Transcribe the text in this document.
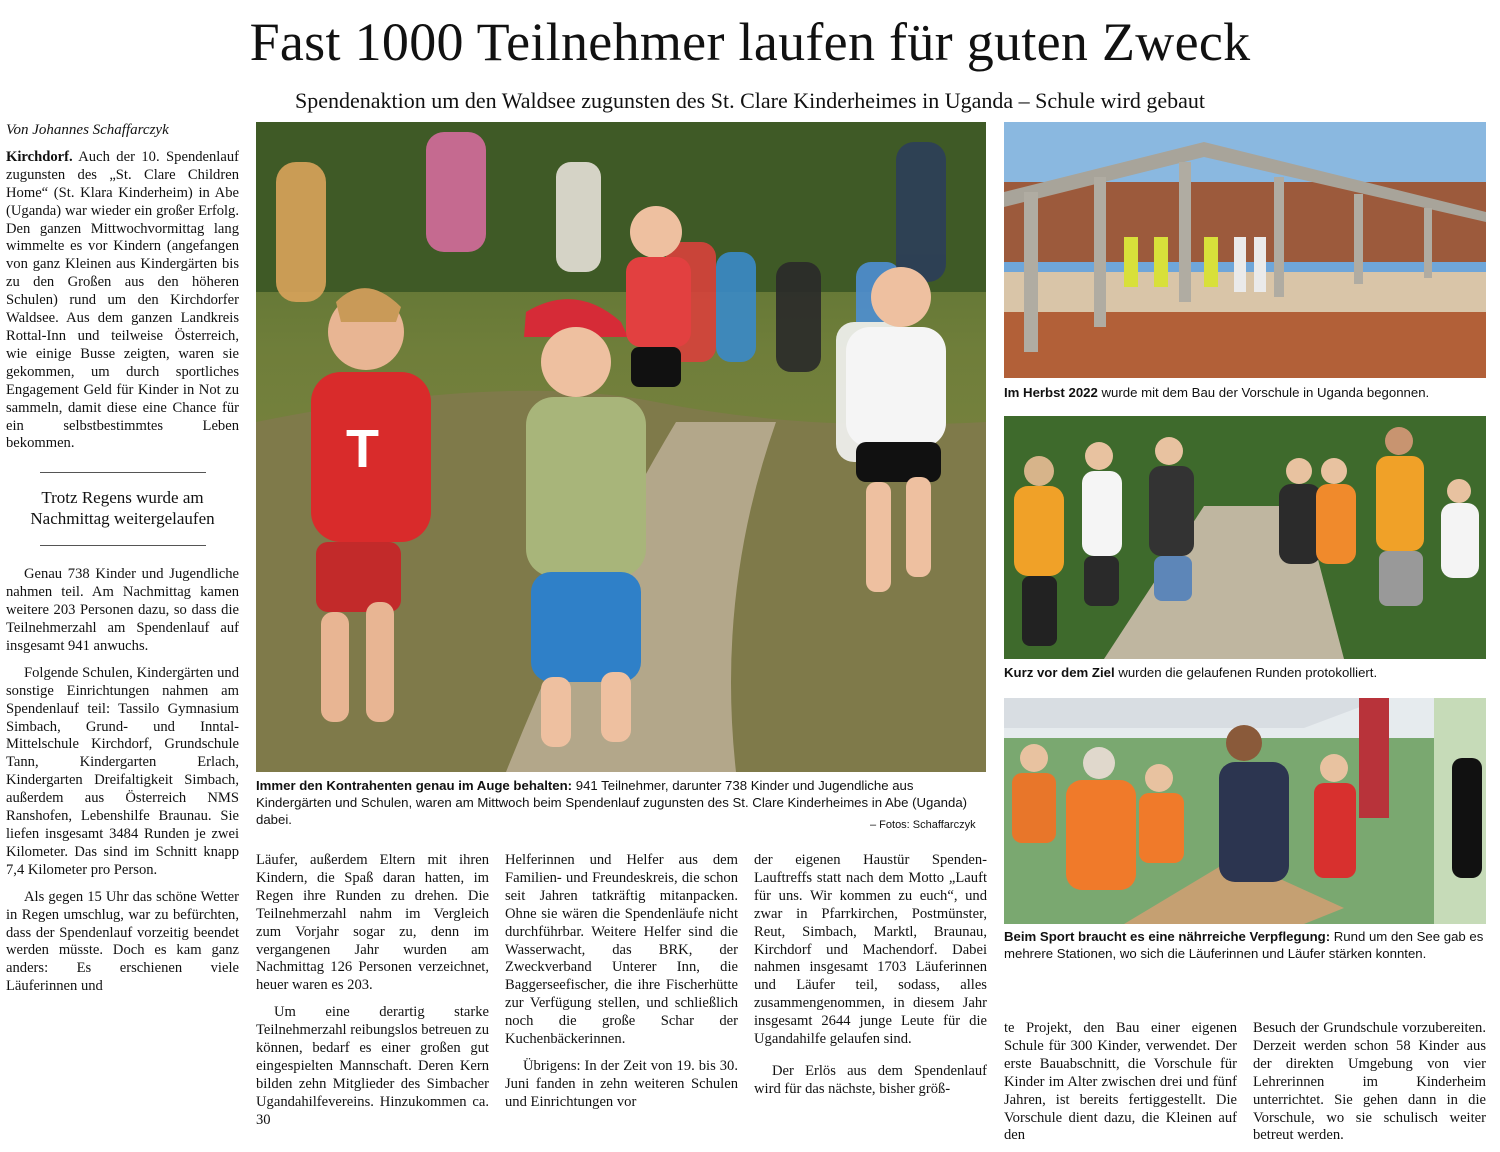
Fast 1000 Teilnehmer laufen für guten Zweck
Spendenaktion um den Waldsee zugunsten des St. Clare Kinderheimes in Uganda – Schule wird gebaut

Von Johannes Schaffarczyk

Kirchdorf. Auch der 10. Spendenlauf zugunsten des „St. Clare Children Home“ (St. Klara Kinderheim) in Abe (Uganda) war wieder ein großer Erfolg. Den ganzen Mittwochvormittag lang wimmelte es vor Kindern (angefangen von ganz Kleinen aus Kindergärten bis zu den Großen aus den höheren Schulen) rund um den Kirchdorfer Waldsee. Aus dem ganzen Landkreis Rottal-Inn und teilweise Österreich, wie einige Busse zeigten, waren sie gekommen, um durch sportliches Engagement Geld für Kinder in Not zu sammeln, damit diese eine Chance für ein selbstbestimmtes Leben bekommen.

Trotz Regens wurde am Nachmittag weitergelaufen

Genau 738 Kinder und Jugendliche nahmen teil. Am Nachmittag kamen weitere 203 Personen dazu, so dass die Teilnehmerzahl am Spendenlauf auf insgesamt 941 anwuchs.

Folgende Schulen, Kindergärten und sonstige Einrichtungen nahmen am Spendenlauf teil: Tassilo Gymnasium Simbach, Grund- und Inntal-Mittelschule Kirchdorf, Grundschule Tann, Kindergarten Erlach, Kindergarten Dreifaltigkeit Simbach, außerdem aus Österreich NMS Ranshofen, Lebenshilfe Braunau. Sie liefen insgesamt 3484 Runden je zwei Kilometer. Das sind im Schnitt knapp 7,4 Kilometer pro Person.

Als gegen 15 Uhr das schöne Wetter in Regen umschlug, war zu befürchten, dass der Spendenlauf vorzeitig beendet werden müsste. Doch es kam ganz anders: Es erschienen viele Läuferinnen und

T
Immer den Kontrahenten genau im Auge behalten: 941 Teilnehmer, darunter 738 Kinder und Jugendliche aus Kindergärten und Schulen, waren am Mittwoch beim Spendenlauf zugunsten des St. Clare Kinderheimes in Abe (Uganda) dabei.	– Fotos: Schaffarczyk
Im Herbst 2022 wurde mit dem Bau der Vorschule in Uganda begonnen.
Kurz vor dem Ziel wurden die gelaufenen Runden protokolliert.
Beim Sport braucht es eine nährreiche Verpflegung: Rund um den See gab es mehrere Stationen, wo sich die Läuferinnen und Läufer stärken konnten.

Läufer, außerdem Eltern mit ihren Kindern, die Spaß daran hatten, im Regen ihre Runden zu drehen. Die Teilnehmerzahl nahm im Vergleich zum Vorjahr sogar zu, denn im vergangenen Jahr wurden am Nachmittag 126 Personen verzeichnet, heuer waren es 203.

Um eine derartig starke Teilnehmerzahl reibungslos betreuen zu können, bedarf es einer großen gut eingespielten Mannschaft. Deren Kern bilden zehn Mitglieder des Simbacher Ugandahilfevereins. Hinzukommen ca. 30

Helferinnen und Helfer aus dem Familien- und Freundeskreis, die schon seit Jahren tatkräftig mitanpacken. Ohne sie wären die Spendenläufe nicht durchführbar. Weitere Helfer sind die Wasserwacht, das BRK, der Zweckverband Unterer Inn, die Baggerseefischer, die ihre Fischerhütte zur Verfügung stellen, und schließlich noch die große Schar der Kuchenbäckerinnen.

Übrigens: In der Zeit von 19. bis 30. Juni fanden in zehn weiteren Schulen und Einrichtungen vor

der eigenen Haustür Spenden-Lauftreffs statt nach dem Motto „Lauft für uns. Wir kommen zu euch“, und zwar in Pfarrkirchen, Postmünster, Reut, Simbach, Marktl, Braunau, Kirchdorf und Machendorf. Dabei nahmen insgesamt 1703 Läuferinnen und Läufer teil, sodass, alles zusammengenommen, in diesem Jahr insgesamt 2644 junge Leute für die Ugandahilfe gelaufen sind.

Der Erlös aus dem Spendenlauf wird für das nächste, bisher größ-

te Projekt, den Bau einer eigenen Schule für 300 Kinder, verwendet. Der erste Bauabschnitt, die Vorschule für Kinder im Alter zwischen drei und fünf Jahren, ist bereits fertiggestellt. Die Vorschule dient dazu, die Kleinen auf den

Besuch der Grundschule vorzubereiten. Derzeit werden schon 58 Kinder aus der direkten Umgebung von vier Lehrerinnen im Kinderheim unterrichtet. Sie gehen dann in die Vorschule, wo sie schulisch weiter betreut werden.
